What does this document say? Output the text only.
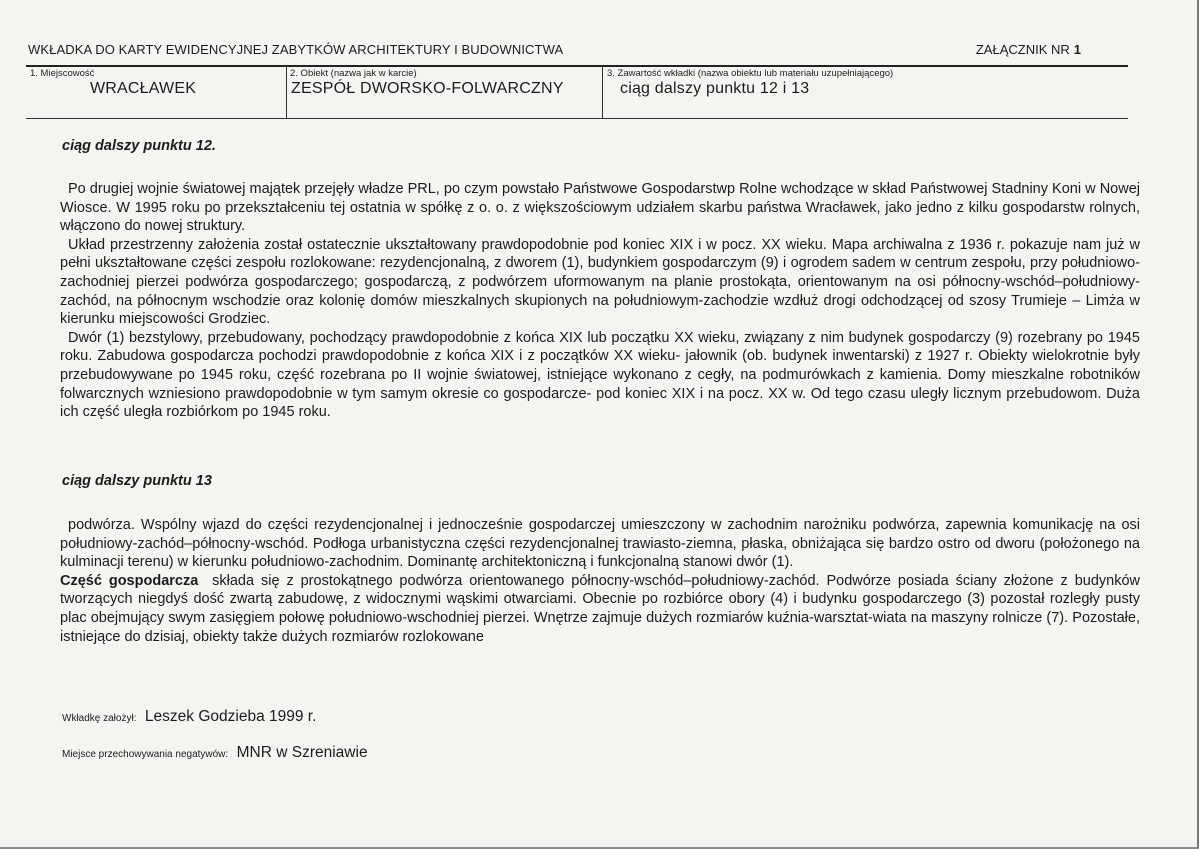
WKŁADKA DO KARTY EWIDENCYJNEJ ZABYTKÓW ARCHITEKTURY I BUDOWNICTWA	ZAŁĄCZNIK NR 1
1. Miejscowość
WRACŁAWEK
2. Obiekt (nazwa jak w karcie)
ZESPÓŁ DWORSKO-FOLWARCZNY
3. Zawartość wkładki (nazwa obiektu lub materiału uzupełniającego)
ciąg dalszy punktu 12 i 13
ciąg dalszy punktu 12.

Po drugiej wojnie światowej majątek przejęły władze PRL, po czym powstało Państwowe Gospodarstwp Rolne wchodzące w skład Państwowej Stadniny Koni w Nowej Wiosce. W 1995 roku po przekształceniu tej ostatnia w spółkę z o. o. z większościowym udziałem skarbu państwa Wracławek, jako jedno z kilku gospodarstw rolnych, włączono do nowej struktury.

Układ przestrzenny założenia został ostatecznie ukształtowany prawdopodobnie pod koniec XIX i w pocz. XX wieku. Mapa archiwalna z 1936 r. pokazuje nam już w pełni ukształtowane części zespołu rozlokowane: rezydencjonalną, z dworem (1), budynkiem gospodarczym (9) i ogrodem sadem w centrum zespołu, przy południowo-zachodniej pierzei podwórza gospodarczego; gospodarczą, z podwórzem uformowanym na planie prostokąta, orientowanym na osi północny-wschód–południowy-zachód, na północnym wschodzie oraz kolonię domów mieszkalnych skupionych na południowym-zachodzie wzdłuż drogi odchodzącej od szosy Trumieje – Limża w kierunku miejscowości Grodziec.

Dwór (1) bezstylowy, przebudowany, pochodzący prawdopodobnie z końca XIX lub początku XX wieku, związany z nim budynek gospodarczy (9) rozebrany po 1945 roku. Zabudowa gospodarcza pochodzi prawdopodobnie z końca XIX i z początków XX wieku- jałownik (ob. budynek inwentarski) z 1927 r. Obiekty wielokrotnie były przebudowywane po 1945 roku, część rozebrana po II wojnie światowej, istniejące wykonano z cegły, na podmurówkach z kamienia. Domy mieszkalne robotników folwarcznych wzniesiono prawdopodobnie w tym samym okresie co gospodarcze- pod koniec XIX i na pocz. XX w. Od tego czasu uległy licznym przebudowom. Duża ich część uległa rozbiórkom po 1945 roku.

ciąg dalszy punktu 13

podwórza. Wspólny wjazd do części rezydencjonalnej i jednocześnie gospodarczej umieszczony w zachodnim narożniku podwórza, zapewnia komunikację na osi południowy-zachód–północny-wschód. Podłoga urbanistyczna części rezydencjonalnej trawiasto-ziemna, płaska, obniżająca się bardzo ostro od dworu (położonego na kulminacji terenu) w kierunku południowo-zachodnim. Dominantę architektoniczną i funkcjonalną stanowi dwór (1).

Część gospodarcza składa się z prostokątnego podwórza orientowanego północny-wschód–południowy-zachód. Podwórze posiada ściany złożone z budynków tworzących niegdyś dość zwartą zabudowę, z widocznymi wąskimi otwarciami. Obecnie po rozbiórce obory (4) i budynku gospodarczego (3) pozostał rozległy pusty plac obejmujący swym zasięgiem połowę południowo-wschodniej pierzei. Wnętrze zajmuje dużych rozmiarów kuźnia-warsztat-wiata na maszyny rolnicze (7). Pozostałe, istniejące do dzisiaj, obiekty także dużych rozmiarów rozlokowane

Wkładkę założył: Leszek Godzieba 1999 r.
Miejsce przechowywania negatywów: MNR w Szreniawie
